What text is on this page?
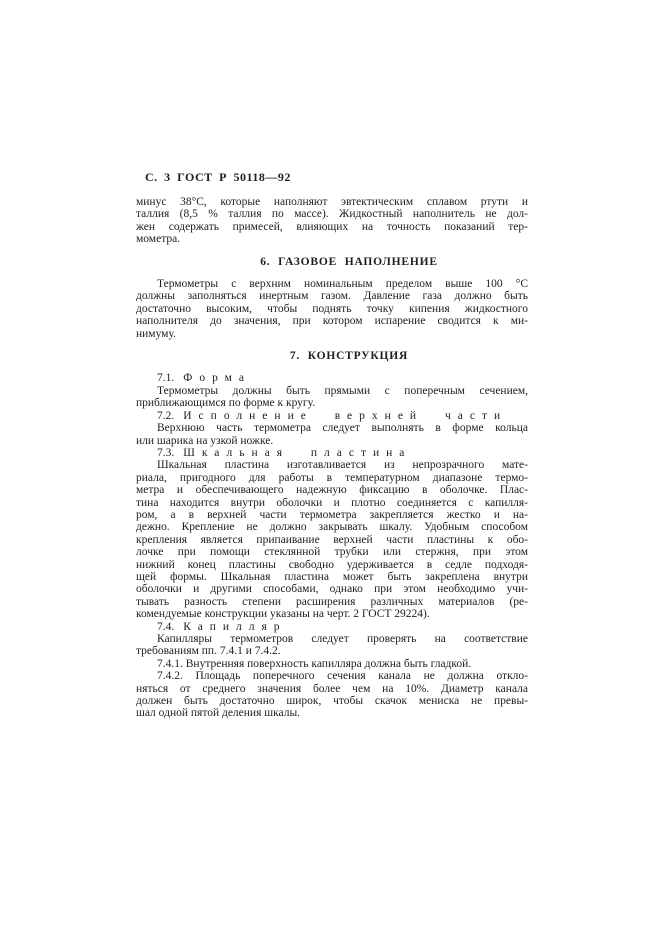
С. 3 ГОСТ Р 50118—92
минус 38°С, которые наполняют эвтектическим сплавом ртути и
таллия (8,5 % таллия по массе). Жидкостный наполнитель не дол-
жен содержать примесей, влияющих на точность показаний тер-
мометра.
6. ГАЗОВОЕ НАПОЛНЕНИЕ
Термометры с верхним номинальным пределом выше 100 °С
должны заполняться инертным газом. Давление газа должно быть
достаточно высоким, чтобы поднять точку кипения жидкостного
наполнителя до значения, при котором испарение сводится к ми-
нимуму.
7. КОНСТРУКЦИЯ
7.1. Форма
Термометры должны быть прямыми с поперечным сечением,
приближающимся по форме к кругу.
7.2. Исполнение верхней части
Верхнюю часть термометра следует выполнять в форме кольца
или шарика на узкой ножке.
7.3. Шкальная пластина
Шкальная пластина изготавливается из непрозрачного мате-
риала, пригодного для работы в температурном диапазоне термо-
метра и обеспечивающего надежную фиксацию в оболочке. Плас-
тина находится внутри оболочки и плотно соединяется с капилля-
ром, а в верхней части термометра закрепляется жестко и на-
дежно. Крепление не должно закрывать шкалу. Удобным способом
крепления является припаивание верхней части пластины к обо-
лочке при помощи стеклянной трубки или стержня, при этом
нижний конец пластины свободно удерживается в седле подходя-
щей формы. Шкальная пластина может быть закреплена внутри
оболочки и другими способами, однако при этом необходимо учи-
тывать разность степени расширения различных материалов (ре-
комендуемые конструкции указаны на черт. 2 ГОСТ 29224).
7.4. Капилляр
Капилляры термометров следует проверять на соответствие
требованиям пп. 7.4.1 и 7.4.2.
7.4.1. Внутренняя поверхность капилляра должна быть гладкой.
7.4.2. Площадь поперечного сечения канала не должна откло-
няться от среднего значения более чем на 10%. Диаметр канала
должен быть достаточно широк, чтобы скачок мениска не превы-
шал одной пятой деления шкалы.
